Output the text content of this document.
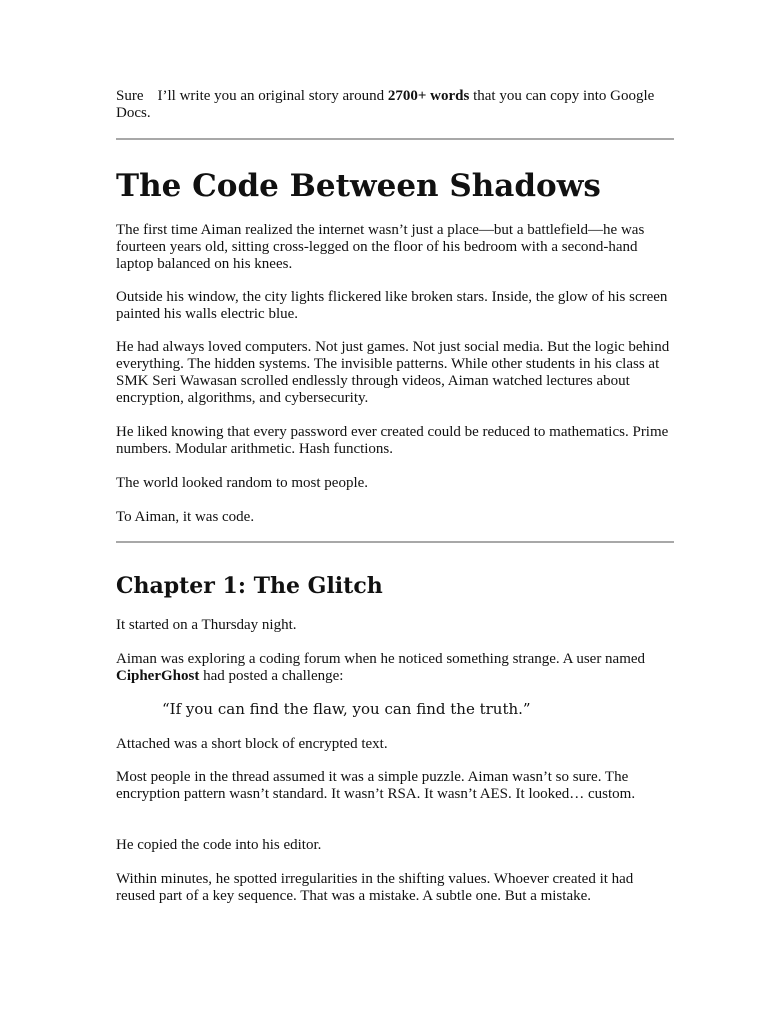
Sure I’ll write you an original story around 2700+ words that you can copy into Google Docs.

The Code Between Shadows

The first time Aiman realized the internet wasn’t just a place—but a battlefield—he was fourteen years old, sitting cross-legged on the floor of his bedroom with a second-hand laptop balanced on his knees.

Outside his window, the city lights flickered like broken stars. Inside, the glow of his screen painted his walls electric blue.

He had always loved computers. Not just games. Not just social media. But the logic behind everything. The hidden systems. The invisible patterns. While other students in his class at SMK Seri Wawasan scrolled endlessly through videos, Aiman watched lectures about encryption, algorithms, and cybersecurity.

He liked knowing that every password ever created could be reduced to mathematics. Prime numbers. Modular arithmetic. Hash functions.

The world looked random to most people.

To Aiman, it was code.

Chapter 1: The Glitch

It started on a Thursday night.

Aiman was exploring a coding forum when he noticed something strange. A user named CipherGhost had posted a challenge:

“If you can find the flaw, you can find the truth.”

Attached was a short block of encrypted text.

Most people in the thread assumed it was a simple puzzle. Aiman wasn’t so sure. The encryption pattern wasn’t standard. It wasn’t RSA. It wasn’t AES. It looked… custom.

He copied the code into his editor.

Within minutes, he spotted irregularities in the shifting values. Whoever created it had reused part of a key sequence. That was a mistake. A subtle one. But a mistake.
